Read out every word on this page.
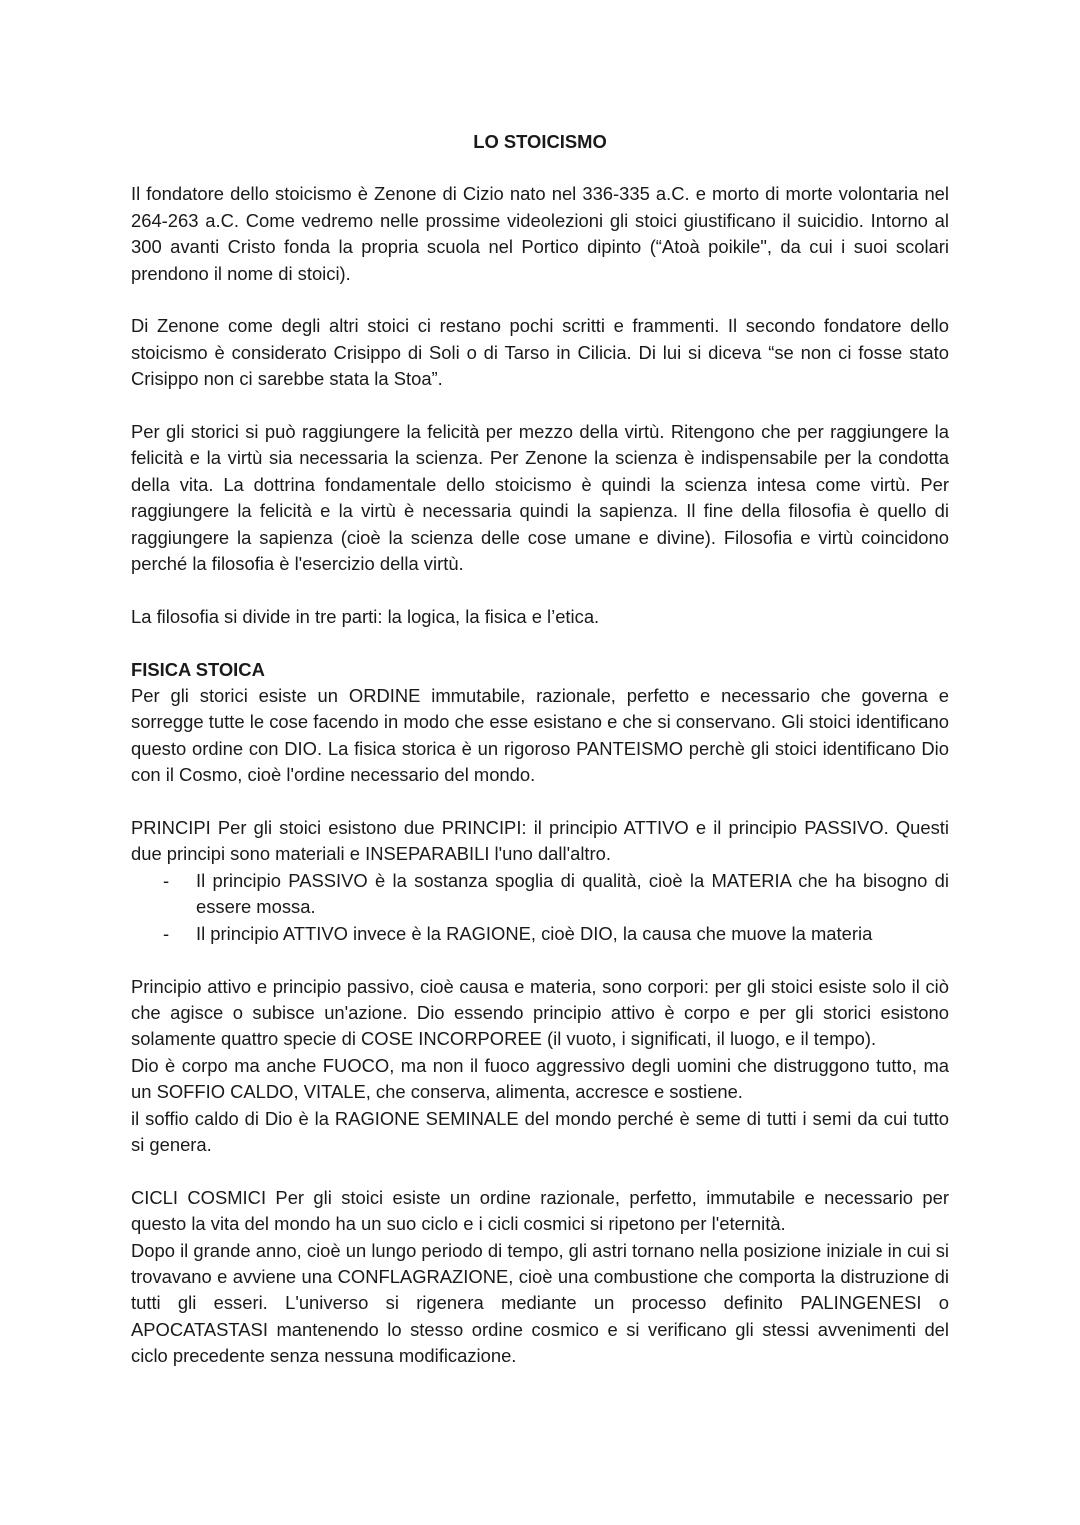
LO STOICISMO

Il fondatore dello stoicismo è Zenone di Cizio nato nel 336-335 a.C. e morto di morte volontaria nel 264-263 a.C. Come vedremo nelle prossime videolezioni gli stoici giustificano il suicidio. Intorno al 300 avanti Cristo fonda la propria scuola nel Portico dipinto (“Atoà poikile", da cui i suoi scolari prendono il nome di stoici).

Di Zenone come degli altri stoici ci restano pochi scritti e frammenti. Il secondo fondatore dello stoicismo è considerato Crisippo di Soli o di Tarso in Cilicia. Di lui si diceva “se non ci fosse stato Crisippo non ci sarebbe stata la Stoa”.

Per gli storici si può raggiungere la felicità per mezzo della virtù. Ritengono che per raggiungere la felicità e la virtù sia necessaria la scienza. Per Zenone la scienza è indispensabile per la condotta della vita. La dottrina fondamentale dello stoicismo è quindi la scienza intesa come virtù. Per raggiungere la felicità e la virtù è necessaria quindi la sapienza. Il fine della filosofia è quello di raggiungere la sapienza (cioè la scienza delle cose umane e divine). Filosofia e virtù coincidono perché la filosofia è l'esercizio della virtù.

La filosofia si divide in tre parti: la logica, la fisica e l’etica.

FISICA STOICA

Per gli storici esiste un ORDINE immutabile, razionale, perfetto e necessario che governa e sorregge tutte le cose facendo in modo che esse esistano e che si conservano. Gli stoici identificano questo ordine con DIO. La fisica storica è un rigoroso PANTEISMO perchè gli stoici identificano Dio con il Cosmo, cioè l'ordine necessario del mondo.

PRINCIPI Per gli stoici esistono due PRINCIPI: il principio ATTIVO e il principio PASSIVO. Questi due principi sono materiali e INSEPARABILI l'uno dall'altro.

- Il principio PASSIVO è la sostanza spoglia di qualità, cioè la MATERIA che ha bisogno di essere mossa.
- Il principio ATTIVO invece è la RAGIONE, cioè DIO, la causa che muove la materia

Principio attivo e principio passivo, cioè causa e materia, sono corpori: per gli stoici esiste solo il ciò che agisce o subisce un'azione. Dio essendo principio attivo è corpo e per gli storici esistono solamente quattro specie di COSE INCORPOREE (il vuoto, i significati, il luogo, e il tempo).

Dio è corpo ma anche FUOCO, ma non il fuoco aggressivo degli uomini che distruggono tutto, ma un SOFFIO CALDO, VITALE, che conserva, alimenta, accresce e sostiene.

il soffio caldo di Dio è la RAGIONE SEMINALE del mondo perché è seme di tutti i semi da cui tutto si genera.

CICLI COSMICI Per gli stoici esiste un ordine razionale, perfetto, immutabile e necessario per questo la vita del mondo ha un suo ciclo e i cicli cosmici si ripetono per l'eternità.

Dopo il grande anno, cioè un lungo periodo di tempo, gli astri tornano nella posizione iniziale in cui si trovavano e avviene una CONFLAGRAZIONE, cioè una combustione che comporta la distruzione di tutti gli esseri. L'universo si rigenera mediante un processo definito PALINGENESI o APOCATASTASI mantenendo lo stesso ordine cosmico e si verificano gli stessi avvenimenti del ciclo precedente senza nessuna modificazione.
